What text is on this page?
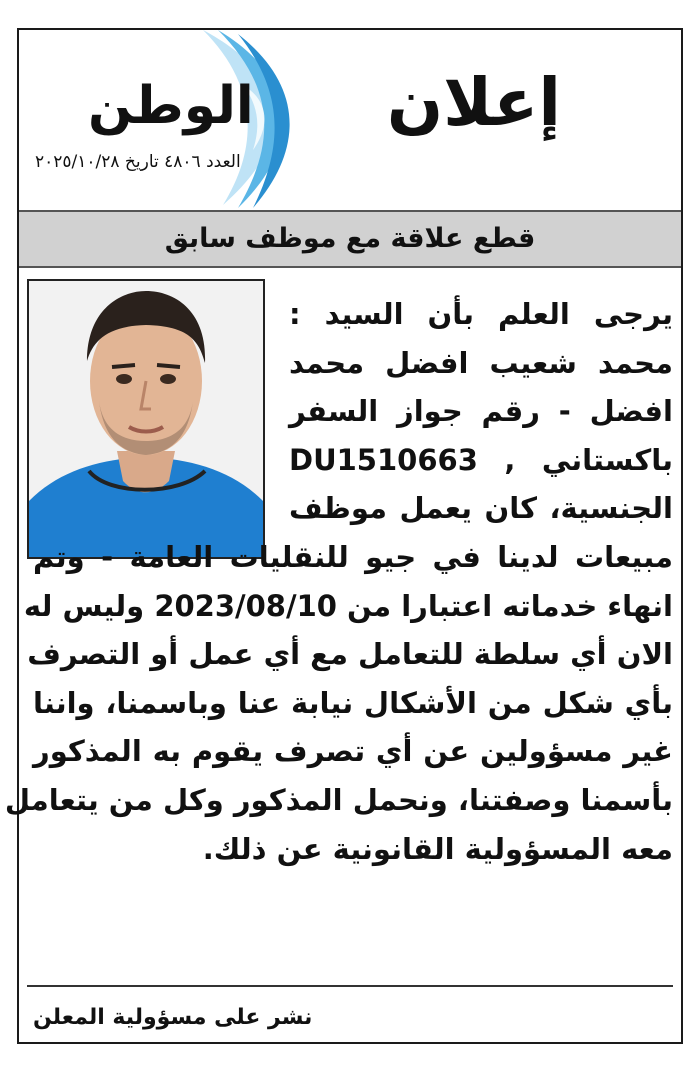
إعلان
الوطن
العدد ٤٨٠٦ تاريخ ٢٠٢٥/١٠/٢٨
قطع علاقة مع موظف سابق
يرجى العلم بأن السيد :
محمد شعيب افضل محمد
افضل - رقم جواز السفر
باكستاني , DU1510663
الجنسية، كان يعمل موظف
مبيعات لدينا في جيو للنقليات العامة - وتم
انهاء خدماته اعتبارا من 2023/08/10 وليس له
الان أي سلطة للتعامل مع أي عمل أو التصرف
بأي شكل من الأشكال نيابة عنا وباسمنا، واننا
غير مسؤولين عن أي تصرف يقوم به المذكور
بأسمنا وصفتنا، ونحمل المذكور وكل من يتعامل
معه المسؤولية القانونية عن ذلك.
نشر على مسؤولية المعلن
